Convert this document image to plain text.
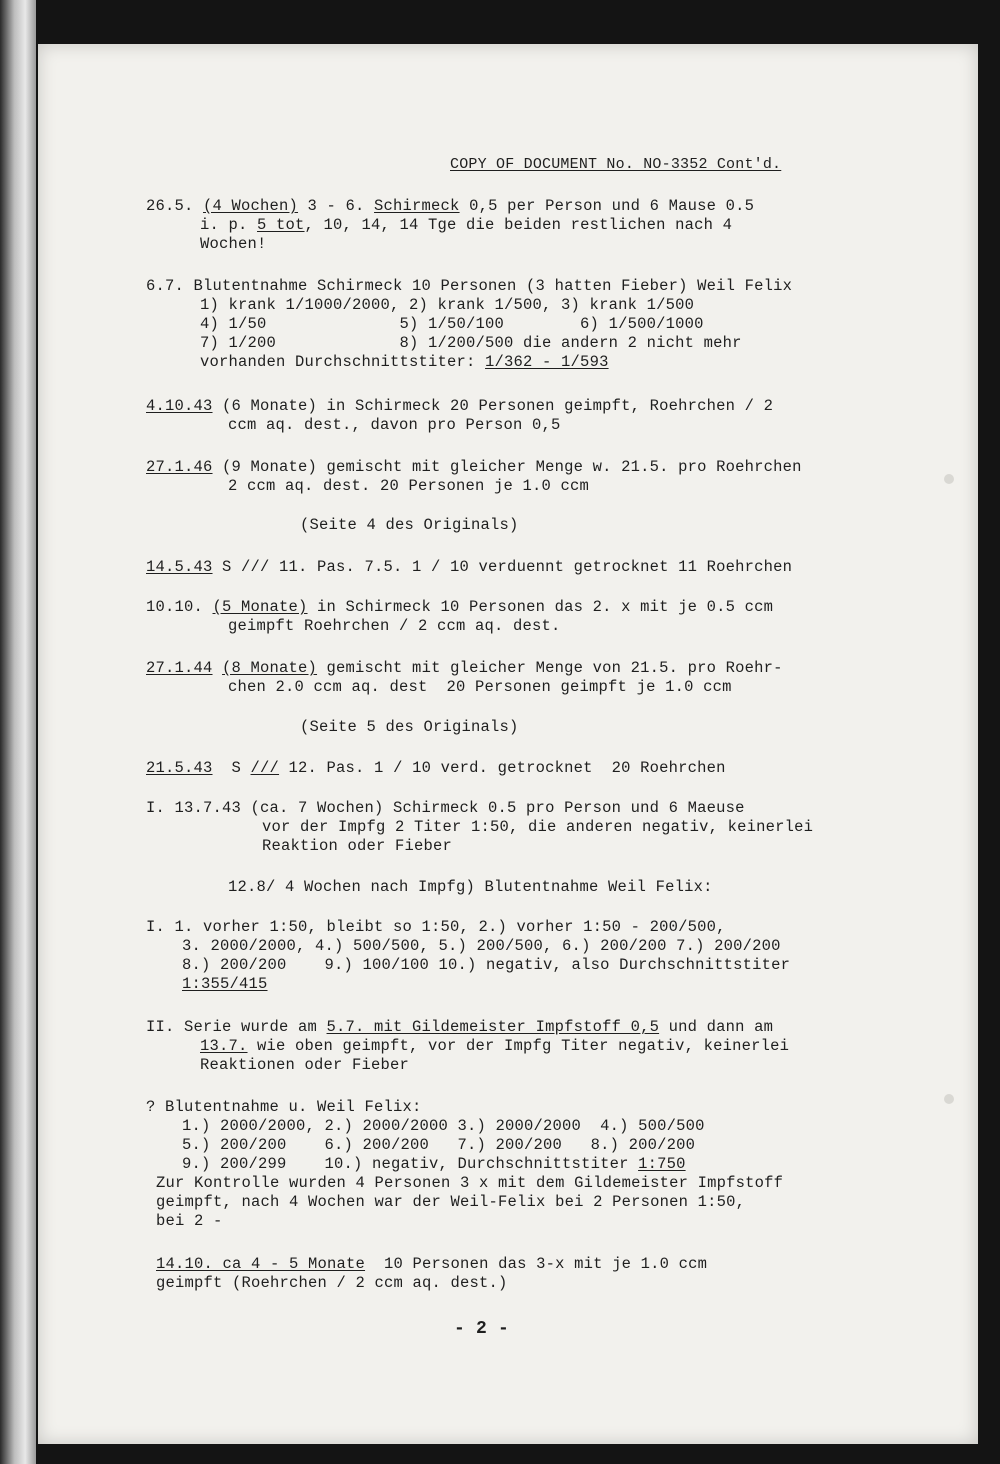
COPY OF DOCUMENT No. NO-3352 Cont'd.
26.5. (4 Wochen) 3 - 6. Schirmeck 0,5 per Person und 6 Mause 0.5
i. p. 5 tot, 10, 14, 14 Tge die beiden restlichen nach 4
Wochen!
6.7. Blutentnahme Schirmeck 10 Personen (3 hatten Fieber) Weil Felix
1) krank 1/1000/2000, 2) krank 1/500, 3) krank 1/500
4) 1/50              5) 1/50/100        6) 1/500/1000
7) 1/200             8) 1/200/500 die andern 2 nicht mehr
vorhanden Durchschnittstiter: 1/362 - 1/593
4.10.43 (6 Monate) in Schirmeck 20 Personen geimpft, Roehrchen / 2
ccm aq. dest., davon pro Person 0,5
27.1.46 (9 Monate) gemischt mit gleicher Menge w. 21.5. pro Roehrchen
2 ccm aq. dest. 20 Personen je 1.0 ccm
(Seite 4 des Originals)
14.5.43 S /// 11. Pas. 7.5. 1 / 10 verduennt getrocknet 11 Roehrchen
10.10. (5 Monate) in Schirmeck 10 Personen das 2. x mit je 0.5 ccm
geimpft Roehrchen / 2 ccm aq. dest.
27.1.44 (8 Monate) gemischt mit gleicher Menge von 21.5. pro Roehr-
chen 2.0 ccm aq. dest  20 Personen geimpft je 1.0 ccm
(Seite 5 des Originals)
21.5.43  S /// 12. Pas. 1 / 10 verd. getrocknet  20 Roehrchen
I. 13.7.43 (ca. 7 Wochen) Schirmeck 0.5 pro Person und 6 Maeuse
vor der Impfg 2 Titer 1:50, die anderen negativ, keinerlei
Reaktion oder Fieber
12.8/ 4 Wochen nach Impfg) Blutentnahme Weil Felix:
I. 1. vorher 1:50, bleibt so 1:50, 2.) vorher 1:50 - 200/500,
3. 2000/2000, 4.) 500/500, 5.) 200/500, 6.) 200/200 7.) 200/200
8.) 200/200    9.) 100/100 10.) negativ, also Durchschnittstiter
1:355/415
II. Serie wurde am 5.7. mit Gildemeister Impfstoff 0,5 und dann am
13.7. wie oben geimpft, vor der Impfg Titer negativ, keinerlei
Reaktionen oder Fieber
? Blutentnahme u. Weil Felix:
1.) 2000/2000, 2.) 2000/2000 3.) 2000/2000  4.) 500/500
5.) 200/200    6.) 200/200   7.) 200/200   8.) 200/200
9.) 200/299    10.) negativ, Durchschnittstiter 1:750
Zur Kontrolle wurden 4 Personen 3 x mit dem Gildemeister Impfstoff
geimpft, nach 4 Wochen war der Weil-Felix bei 2 Personen 1:50,
bei 2 -
14.10. ca 4 - 5 Monate  10 Personen das 3-x mit je 1.0 ccm
geimpft (Roehrchen / 2 ccm aq. dest.)
- 2 -
